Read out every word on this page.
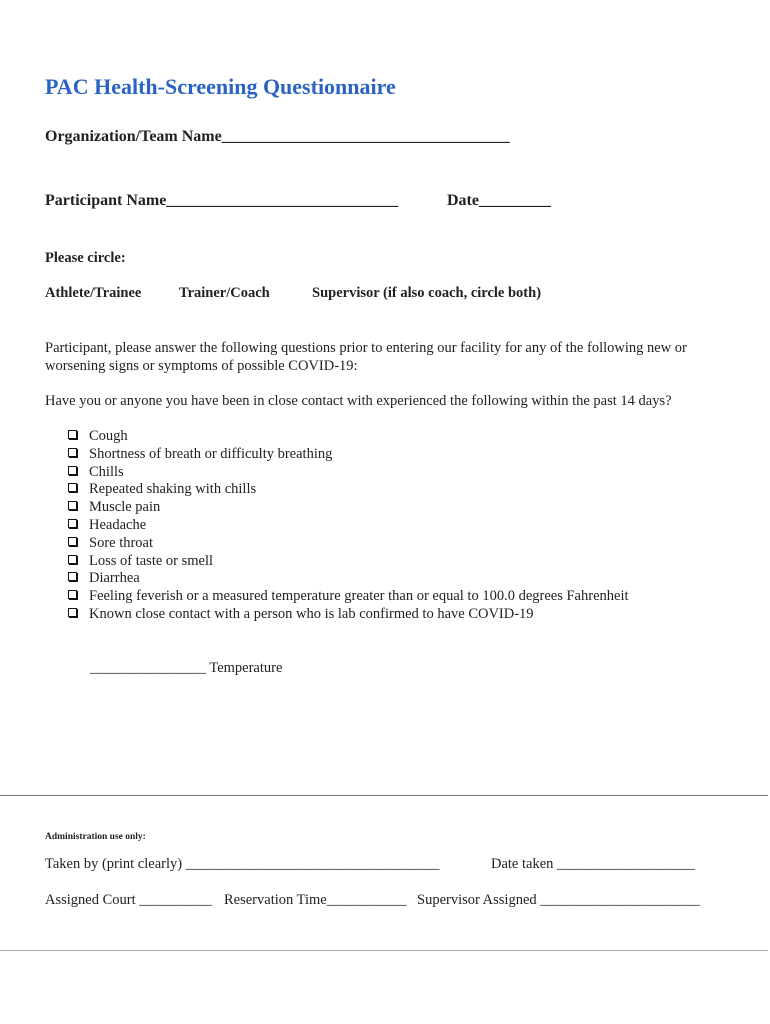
PAC Health-Screening Questionnaire
Organization/Team Name____________________________________
Participant Name_____________________________	Date_________
Please circle:
Athlete/Trainee	Trainer/Coach	Supervisor (if also coach, circle both)
Participant, please answer the following questions prior to entering our facility for any of the following new or worsening signs or symptoms of possible COVID-19:
Have you or anyone you have been in close contact with experienced the following within the past 14 days?
Cough
Shortness of breath or difficulty breathing
Chills
Repeated shaking with chills
Muscle pain
Headache
Sore throat
Loss of taste or smell
Diarrhea
Feeling feverish or a measured temperature greater than or equal to 100.0 degrees Fahrenheit
Known close contact with a person who is lab confirmed to have COVID-19
________________ Temperature
Administration use only:
Taken by (print clearly) ___________________________________	Date taken ___________________
Assigned Court __________ Reservation Time___________ Supervisor Assigned ______________________
